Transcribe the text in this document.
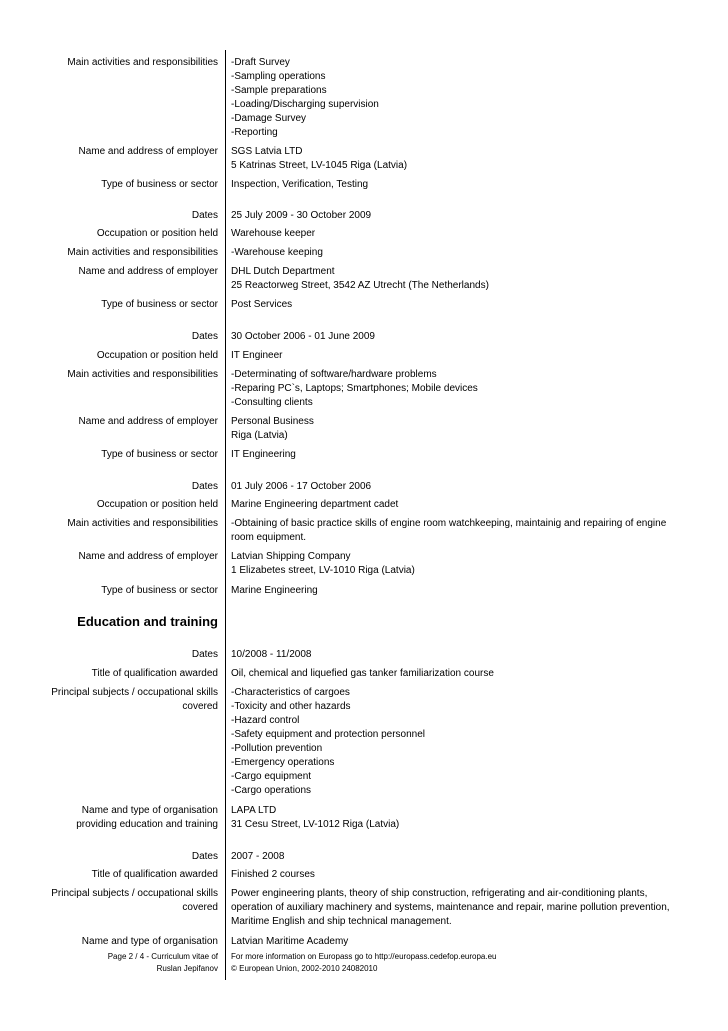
Main activities and responsibilities -Draft Survey
-Sampling operations
-Sample preparations
-Loading/Discharging supervision
-Damage Survey
-Reporting
Name and address of employer SGS Latvia LTD
5 Katrinas Street, LV-1045 Riga (Latvia)
Type of business or sector Inspection, Verification, Testing
Dates 25 July 2009 - 30 October 2009
Occupation or position held Warehouse keeper
Main activities and responsibilities -Warehouse keeping
Name and address of employer DHL Dutch Department
25 Reactorweg Street, 3542 AZ Utrecht (The Netherlands)
Type of business or sector Post Services
Dates 30 October 2006 - 01 June 2009
Occupation or position held IT Engineer
Main activities and responsibilities -Determinating of software/hardware problems
-Reparing PC`s, Laptops; Smartphones; Mobile devices
-Consulting clients
Name and address of employer Personal Business
Riga (Latvia)
Type of business or sector IT Engineering
Dates 01 July 2006 - 17 October 2006
Occupation or position held Marine Engineering department cadet
Main activities and responsibilities -Obtaining of basic practice skills of engine room watchkeeping, maintainig and repairing of engine
room equipment.
Name and address of employer Latvian Shipping Company
1 Elizabetes street, LV-1010 Riga (Latvia)
Type of business or sector Marine Engineering
Education and training
Dates 10/2008 - 11/2008
Title of qualification awarded Oil, chemical and liquefied gas tanker familiarization course
Principal subjects / occupational skills
covered
-Characteristics of cargoes
-Toxicity and other hazards
-Hazard control
-Safety equipment and protection personnel
-Pollution prevention
-Emergency operations
-Cargo equipment
-Cargo operations
Name and type of organisation
providing education and training
LAPA LTD
31 Cesu Street, LV-1012 Riga (Latvia)
Dates 2007 - 2008
Title of qualification awarded Finished 2 courses
Principal subjects / occupational skills
covered
Power engineering plants, theory of ship construction, refrigerating and air-conditioning plants,
operation of auxiliary machinery and systems, maintenance and repair, marine pollution prevention,
Maritime English and ship technical management.
Name and type of organisation Latvian Maritime Academy
Page 2 / 4 - Curriculum vitae of
Ruslan Jepifanov
For more information on Europass go to http://europass.cedefop.europa.eu
© European Union, 2002-2010 24082010
